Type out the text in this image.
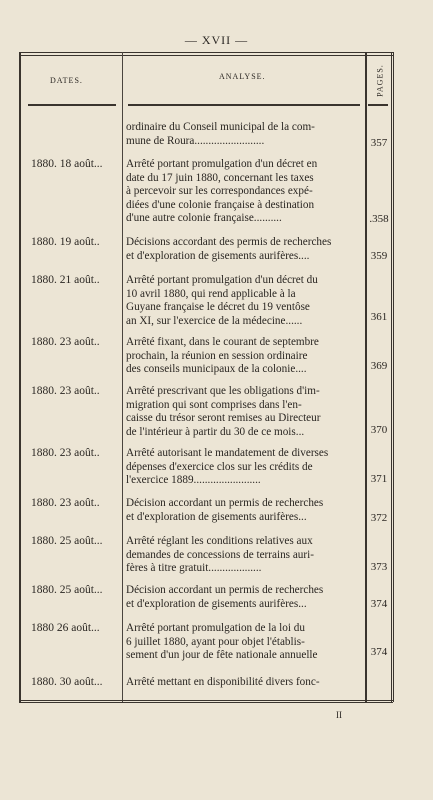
— XVII —
DATES.	ANALYSE.	PAGES.
ordinaire du Conseil municipal de la com-
mune de Roura.........................	357
1880. 18 août...	Arrêté portant promulgation d'un décret en
date du 17 juin 1880, concernant les taxes
à percevoir sur les correspondances expé-
diées d'une colonie française à destination
d'une autre colonie française..........	.358
1880. 19 août..	Décisions accordant des permis de recherches
et d'exploration de gisements aurifères....	359
1880. 21 août..	Arrêté portant promulgation d'un décret du
10 avril 1880, qui rend applicable à la
Guyane française le décret du 19 ventôse
an XI, sur l'exercice de la médecine......	361
1880. 23 août..	Arrêté fixant, dans le courant de septembre
prochain, la réunion en session ordinaire
des conseils municipaux de la colonie....	369
1880. 23 août..	Arrêté prescrivant que les obligations d'im-
migration qui sont comprises dans l'en-
caisse du trésor seront remises au Directeur
de l'intérieur à partir du 30 de ce mois...	370
1880. 23 août..	Arrêté autorisant le mandatement de diverses
dépenses d'exercice clos sur les crédits de
l'exercice 1889........................	371
1880. 23 août..	Décision accordant un permis de recherches
et d'exploration de gisements aurifères...	372
1880. 25 août...	Arrêté réglant les conditions relatives aux
demandes de concessions de terrains auri-
fères à titre gratuit...................	373
1880. 25 août...	Décision accordant un permis de recherches
et d'exploration de gisements aurifères...	374
1880 26 août...	Arrêté portant promulgation de la loi du
6 juillet 1880, ayant pour objet l'établis-
sement d'un jour de fête nationale annuelle	374
1880. 30 août...	Arrêté mettant en disponibilité divers fonc-
II
